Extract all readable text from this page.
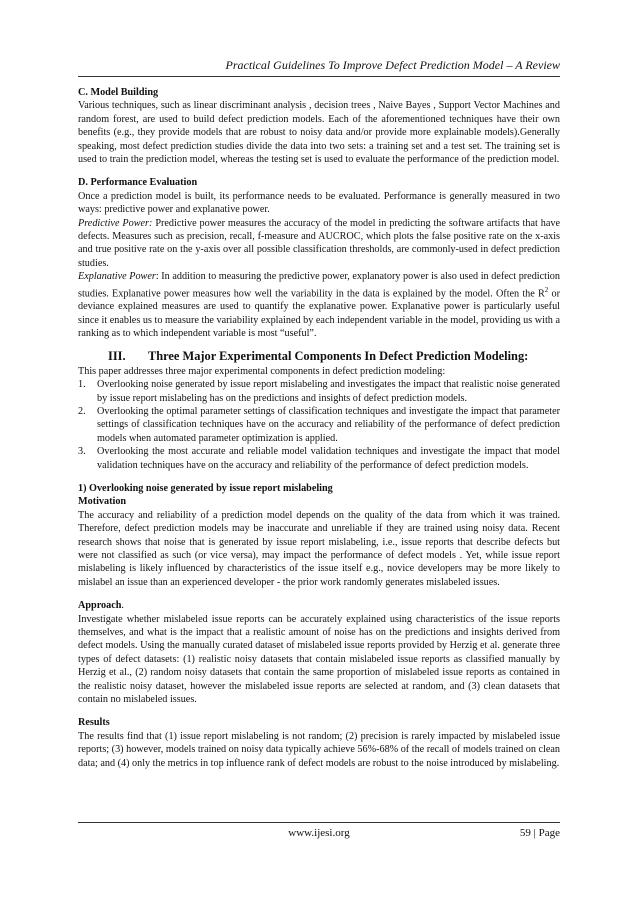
Practical Guidelines To Improve Defect Prediction Model – A Review

C. Model Building

Various techniques, such as linear discriminant analysis , decision trees , Naive Bayes , Support Vector Machines and random forest, are used to build defect prediction models. Each of the aforementioned techniques have their own benefits (e.g., they provide models that are robust to noisy data and/or provide more explainable models).Generally speaking, most defect prediction studies divide the data into two sets: a training set and a test set. The training set is used to train the prediction model, whereas the testing set is used to evaluate the performance of the prediction model.

D. Performance Evaluation

Once a prediction model is built, its performance needs to be evaluated. Performance is generally measured in two ways: predictive power and explanative power.

Predictive Power: Predictive power measures the accuracy of the model in predicting the software artifacts that have defects. Measures such as precision, recall, f-measure and AUCROC, which plots the false positive rate on the x-axis and true positive rate on the y-axis over all possible classification thresholds, are commonly-used in defect prediction studies.

Explanative Power: In addition to measuring the predictive power, explanatory power is also used in defect prediction studies. Explanative power measures how well the variability in the data is explained by the model. Often the $R^2$ or deviance explained measures are used to quantify the explanative power. Explanative power is particularly useful since it enables us to measure the variability explained by each independent variable in the model, providing us with a ranking as to which independent variable is most “useful”.

III. Three Major Experimental Components In Defect Prediction Modeling:

This paper addresses three major experimental components in defect prediction modeling:

1. Overlooking noise generated by issue report mislabeling and investigates the impact that realistic noise generated by issue report mislabeling has on the predictions and insights of defect prediction models.
2. Overlooking the optimal parameter settings of classification techniques and investigate the impact that parameter settings of classification techniques have on the accuracy and reliability of the performance of defect prediction models when automated parameter optimization is applied.
3. Overlooking the most accurate and reliable model validation techniques and investigate the impact that model validation techniques have on the accuracy and reliability of the performance of defect prediction models.

1) Overlooking noise generated by issue report mislabeling

Motivation

The accuracy and reliability of a prediction model depends on the quality of the data from which it was trained. Therefore, defect prediction models may be inaccurate and unreliable if they are trained using noisy data. Recent research shows that noise that is generated by issue report mislabeling, i.e., issue reports that describe defects but were not classified as such (or vice versa), may impact the performance of defect models . Yet, while issue report mislabeling is likely influenced by characteristics of the issue itself e.g., novice developers may be more likely to mislabel an issue than an experienced developer - the prior work randomly generates mislabeled issues.

Approach.

Investigate whether mislabeled issue reports can be accurately explained using characteristics of the issue reports themselves, and what is the impact that a realistic amount of noise has on the predictions and insights derived from defect models. Using the manually curated dataset of mislabeled issue reports provided by Herzig et al. generate three types of defect datasets: (1) realistic noisy datasets that contain mislabeled issue reports as classified manually by Herzig et al., (2) random noisy datasets that contain the same proportion of mislabeled issue reports as contained in the realistic noisy dataset, however the mislabeled issue reports are selected at random, and (3) clean datasets that contain no mislabeled issues.

Results

The results find that (1) issue report mislabeling is not random; (2) precision is rarely impacted by mislabeled issue reports; (3) however, models trained on noisy data typically achieve 56%-68% of the recall of models trained on clean data; and (4) only the metrics in top influence rank of defect models are robust to the noise introduced by mislabeling.

www.ijesi.org	59 | Page
